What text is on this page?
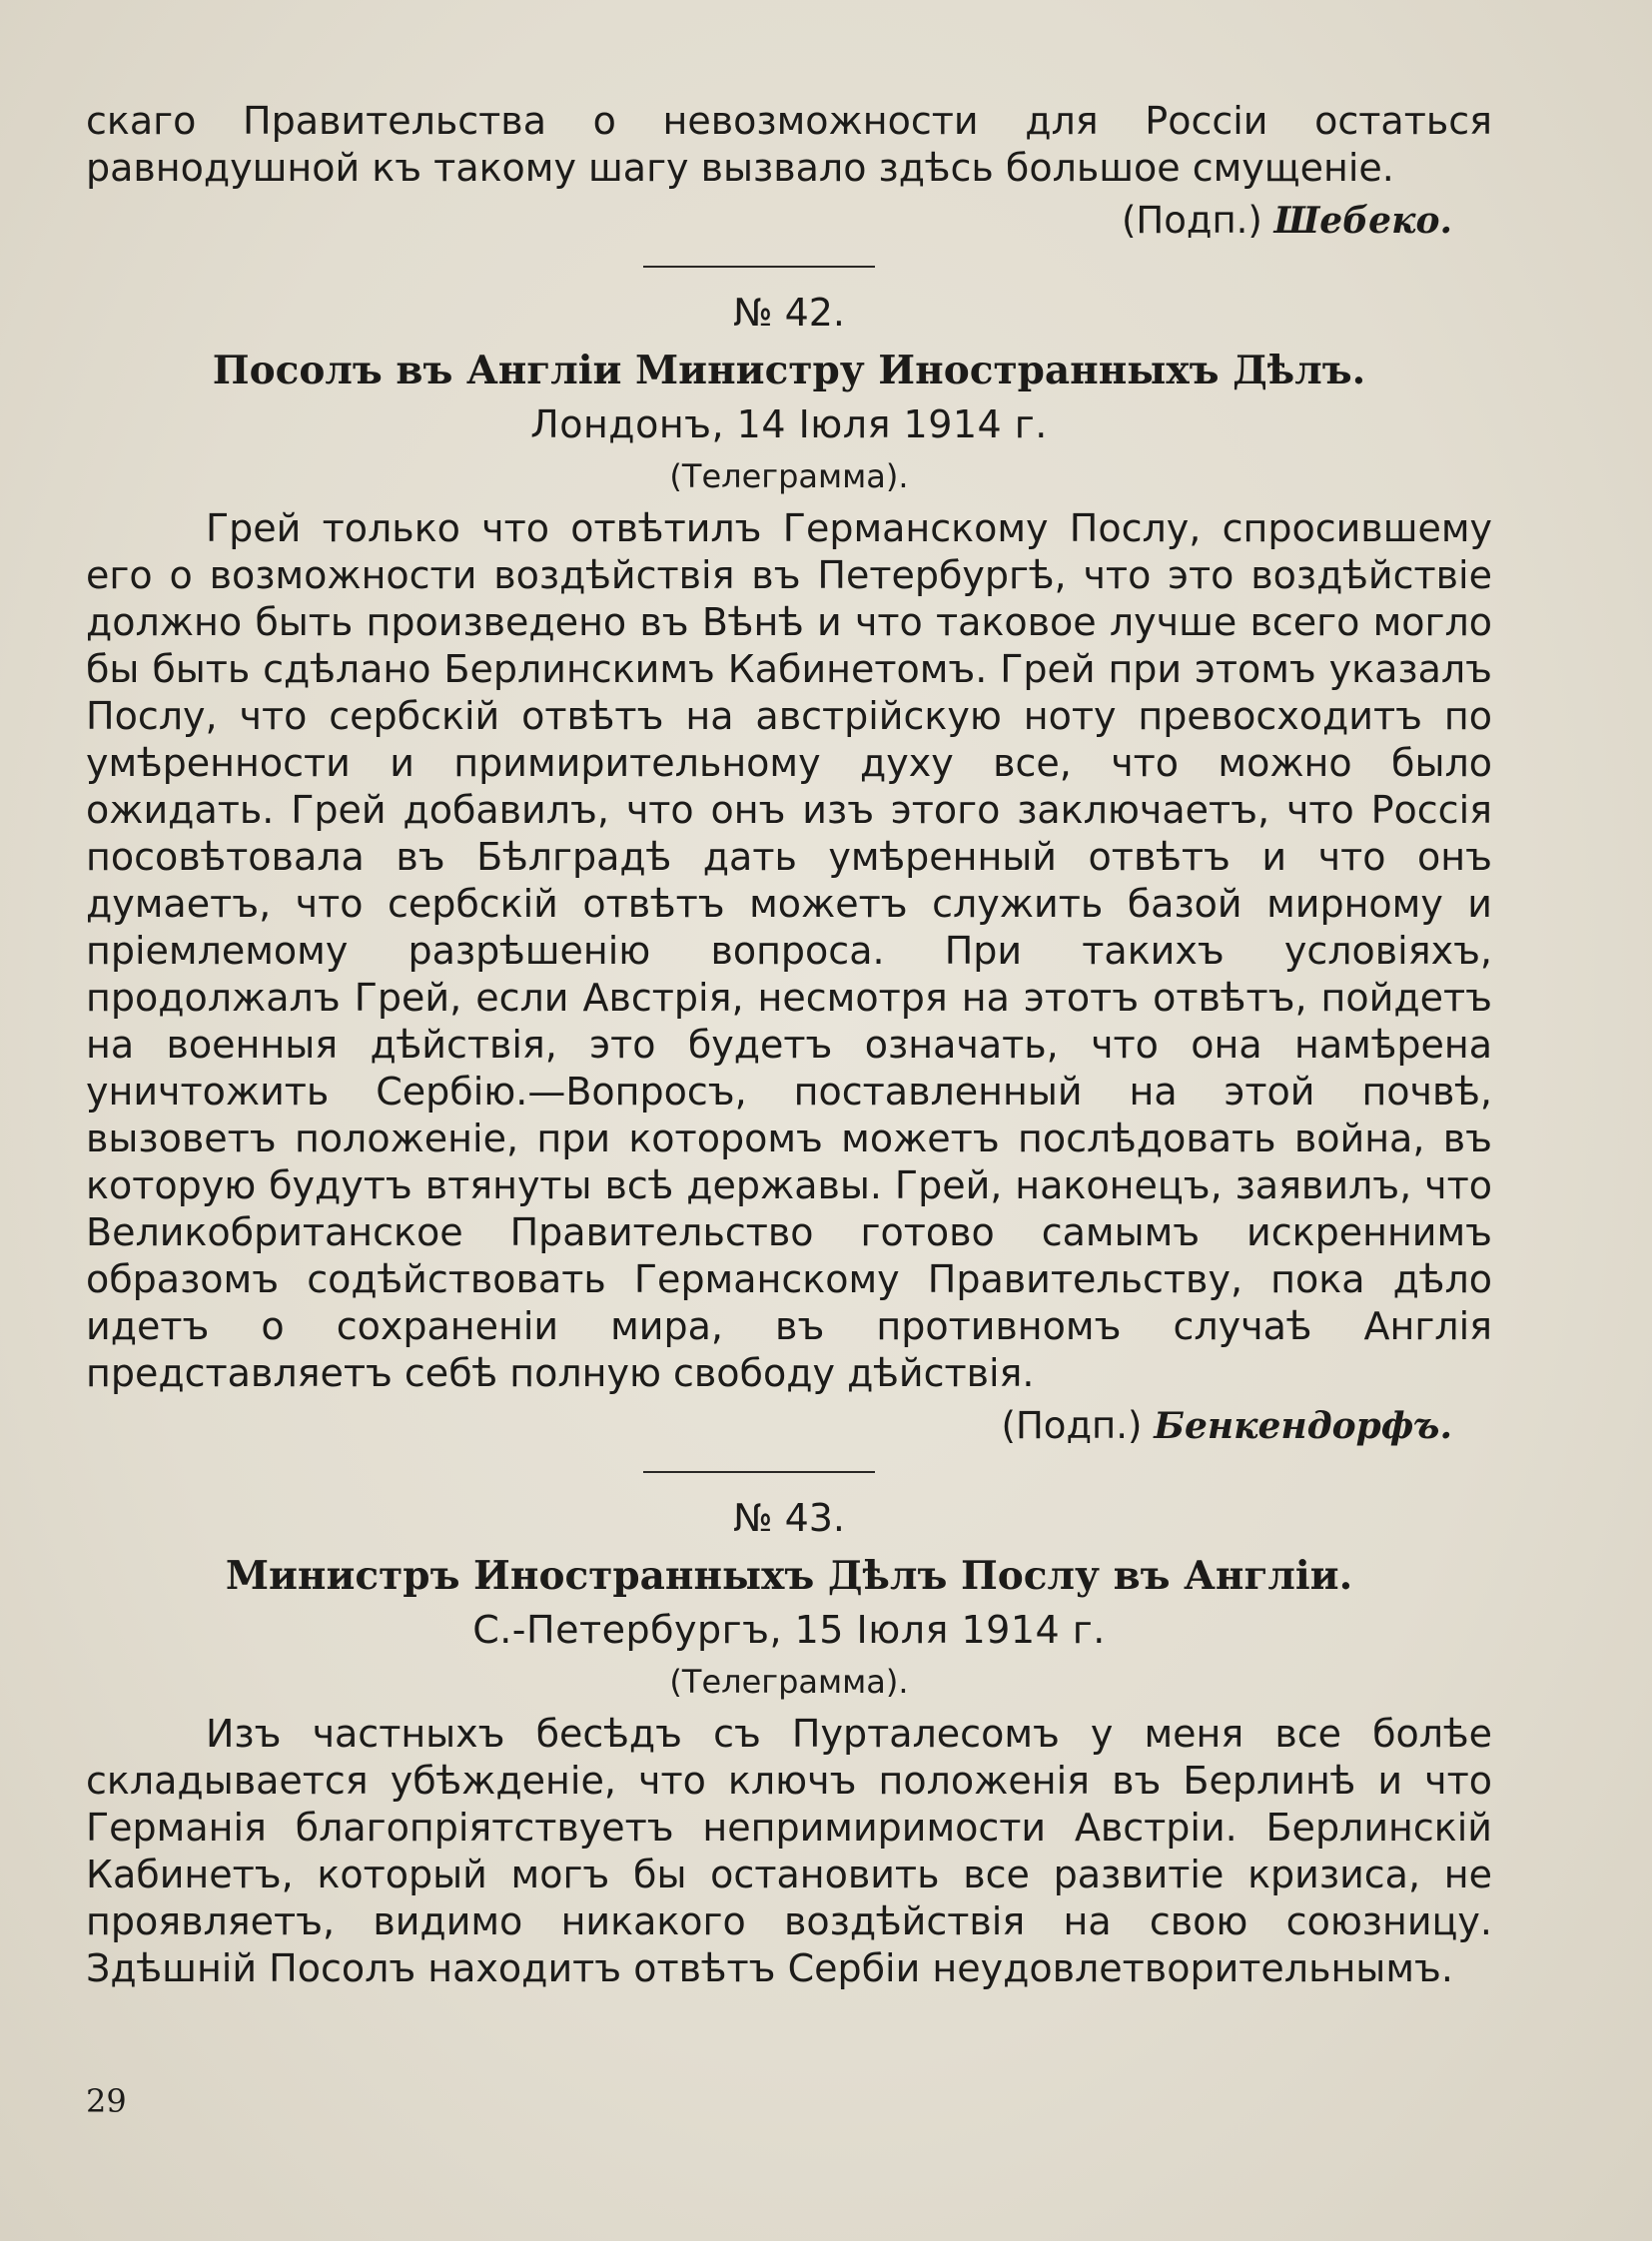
скаго Правительства о невозможности для Россіи остаться равнодушной къ такому шагу вызвало здѣсь большое смущеніе.

(Подп.) Шебеко.
№ 42.
Посолъ въ Англіи Министру Иностранныхъ Дѣлъ.
Лондонъ, 14 Іюля 1914 г.
(Телеграмма).

Грей только что отвѣтилъ Германскому Послу, спросившему его о возможности воздѣйствія въ Петербургѣ, что это воздѣйствіе должно быть произведено въ Вѣнѣ и что таковое лучше всего могло бы быть сдѣлано Берлинскимъ Кабинетомъ. Грей при этомъ указалъ Послу, что сербскій отвѣтъ на австрійскую ноту превосходитъ по умѣренности и примирительному духу все, что можно было ожидать. Грей добавилъ, что онъ изъ этого заключаетъ, что Россія посовѣтовала въ Бѣлградѣ дать умѣренный отвѣтъ и что онъ думаетъ, что сербскій отвѣтъ можетъ служить базой мирному и пріемлемому разрѣшенію вопроса. При такихъ условіяхъ, продолжалъ Грей, если Австрія, несмотря на этотъ отвѣтъ, пойдетъ на военныя дѣйствія, это будетъ означать, что она намѣрена уничтожить Сербію.—Вопросъ, поставленный на этой почвѣ, вызоветъ положеніе, при которомъ можетъ послѣдовать война, въ которую будутъ втянуты всѣ державы. Грей, наконецъ, заявилъ, что Великобританское Правительство готово самымъ искреннимъ образомъ содѣйствовать Германскому Правительству, пока дѣло идетъ о сохраненіи мира, въ противномъ случаѣ Англія представляетъ себѣ полную свободу дѣйствія.

(Подп.) Бенкендорфъ.
№ 43.
Министръ Иностранныхъ Дѣлъ Послу въ Англіи.
С.-Петербургъ, 15 Іюля 1914 г.
(Телеграмма).

Изъ частныхъ бесѣдъ съ Пурталесомъ у меня все болѣе складывается убѣжденіе, что ключъ положенія въ Берлинѣ и что Германія благопріятствуетъ непримиримости Австріи. Берлинскій Кабинетъ, который могъ бы остановить все развитіе кризиса, не проявляетъ, видимо никакого воздѣйствія на свою союзницу. Здѣшній Посолъ находитъ отвѣтъ Сербіи неудовлетворительнымъ.

29
